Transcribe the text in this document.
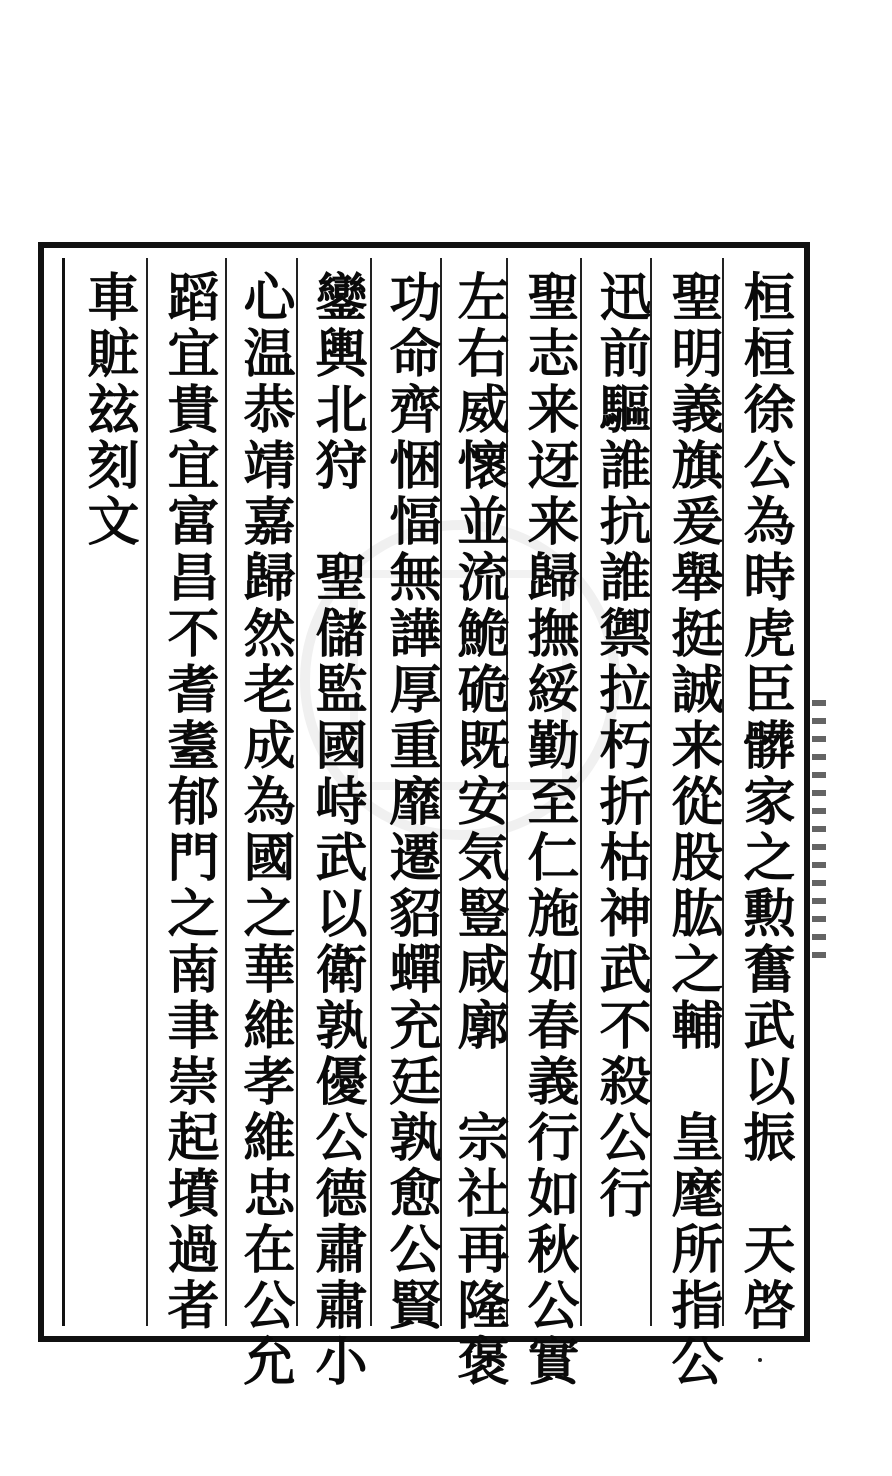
桓桓徐公為時虎臣髒家之勲奮武以振　天啓
聖明義旗爰舉挺誠来從股肱之輔　皇麾所指公
迅前驅誰抗誰禦拉朽折枯神武不殺公行
聖志来迓来歸撫綏勤至仁施如春義行如秋公實
左右威懷並流鮠硊既安気豎咸廓　宗社再隆褒
功命齊悃愊無譁厚重靡遷貂蟬充廷孰愈公賢
鑾輿北狩　聖儲監國峙武以衛孰優公德肅肅小
心温恭靖嘉歸然老成為國之華維孝維忠在公允
蹈宜貴宜富昌不耆耋郁門之南聿崇起墳過者
車賍玆刻文
